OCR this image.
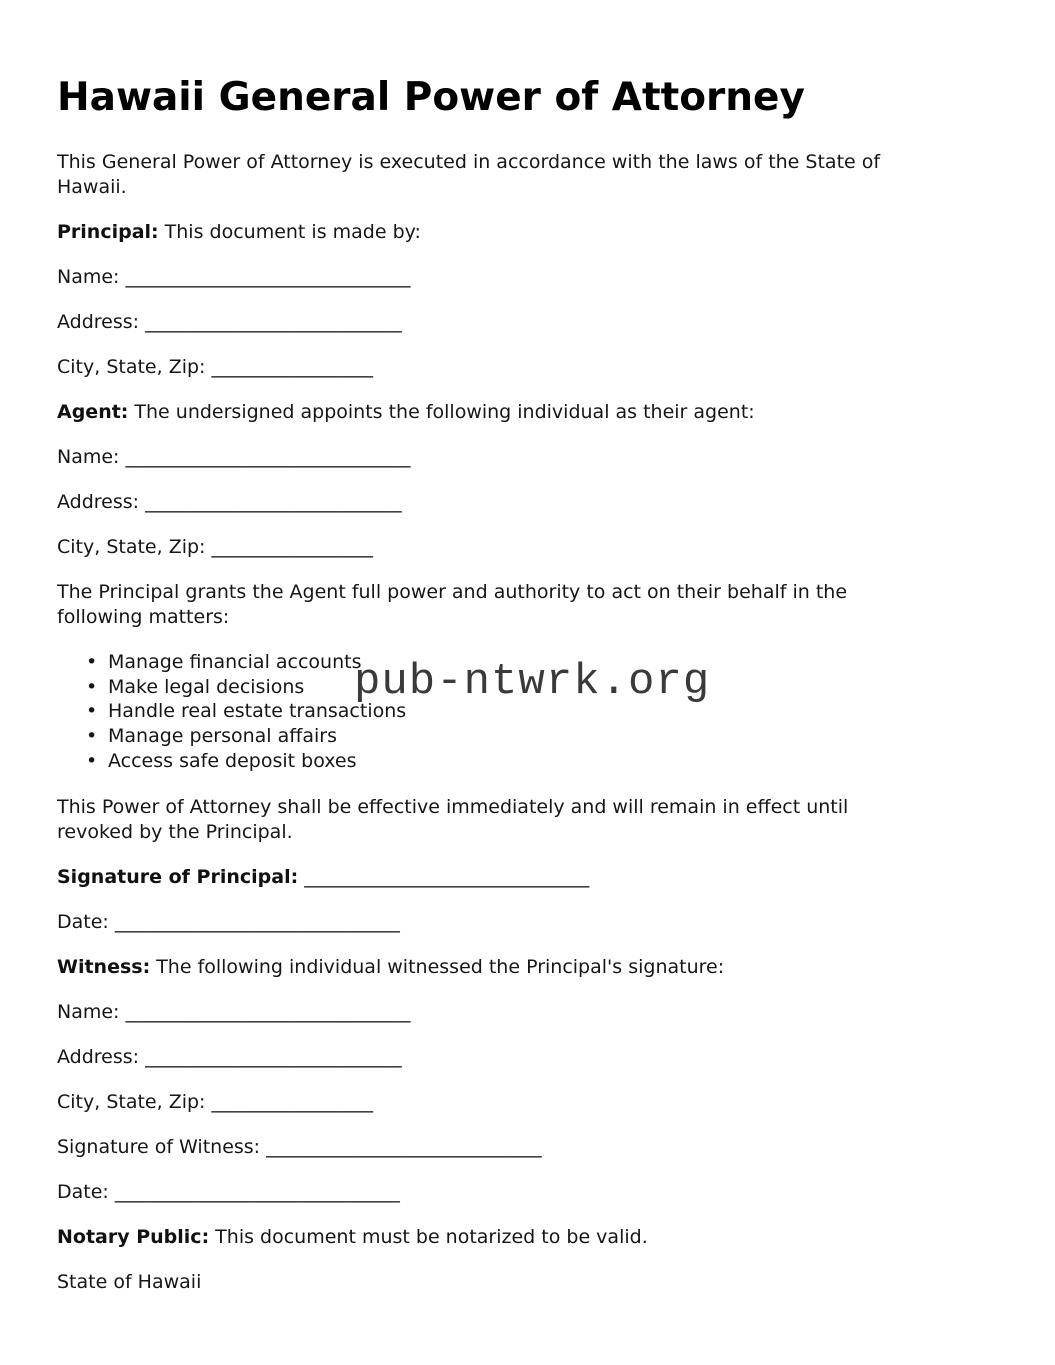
pub-ntwrk.org
Hawaii General Power of Attorney

This General Power of Attorney is executed in accordance with the laws of the State of
Hawaii.

Principal: This document is made by:

Name: ______________________________

Address: ___________________________

City, State, Zip: _________________

Agent: The undersigned appoints the following individual as their agent:

Name: ______________________________

Address: ___________________________

City, State, Zip: _________________

The Principal grants the Agent full power and authority to act on their behalf in the
following matters:

• Manage financial accounts
• Make legal decisions
• Handle real estate transactions
• Manage personal affairs
• Access safe deposit boxes

This Power of Attorney shall be effective immediately and will remain in effect until
revoked by the Principal.

Signature of Principal: ______________________________

Date: ______________________________

Witness: The following individual witnessed the Principal's signature:

Name: ______________________________

Address: ___________________________

City, State, Zip: _________________

Signature of Witness: _____________________________

Date: ______________________________

Notary Public: This document must be notarized to be valid.

State of Hawaii
